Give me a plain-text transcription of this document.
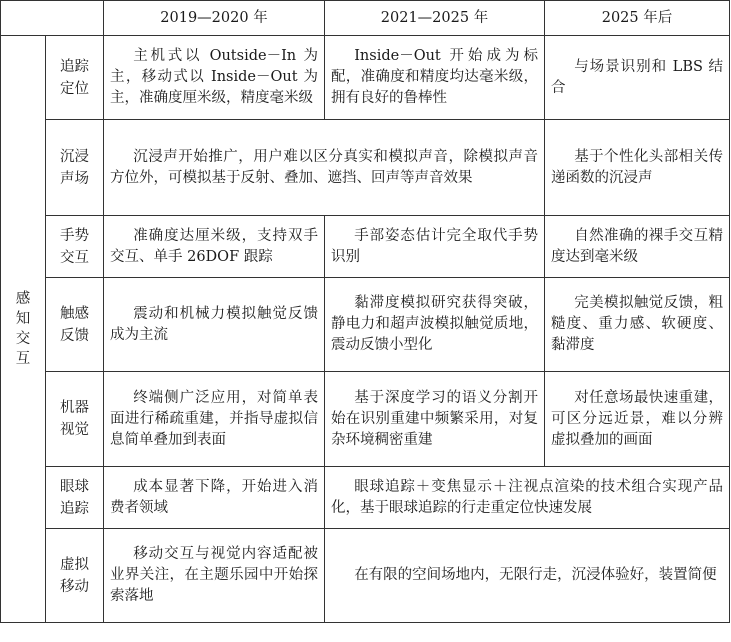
		2019—2020 年	2021—2025 年	2025 年后
感知交互	追踪定位	主机式以 Outside－In 为主，移动式以 Inside－Out 为主，准确度厘米级，精度毫米级	Inside－Out 开始成为标配，准确度和精度均达毫米级，拥有良好的鲁棒性	与场景识别和 LBS 结合
	沉浸声场	沉浸声开始推广，用户难以区分真实和模拟声音，除模拟声音方位外，可模拟基于反射、叠加、遮挡、回声等声音效果		基于个性化头部相关传递函数的沉浸声
	手势交互	准确度达厘米级，支持双手交互、单手 26DOF 跟踪	手部姿态估计完全取代手势识别	自然准确的裸手交互精度达到毫米级
	触感反馈	震动和机械力模拟触觉反馈成为主流	黏滞度模拟研究获得突破，静电力和超声波模拟触觉质地，震动反馈小型化	完美模拟触觉反馈，粗糙度、重力感、软硬度、黏滞度
	机器视觉	终端侧广泛应用，对简单表面进行稀疏重建，并指导虚拟信息简单叠加到表面	基于深度学习的语义分割开始在识别重建中频繁采用，对复杂环境稠密重建	对任意场最快速重建，可区分远近景，难以分辨虚拟叠加的画面
	眼球追踪	成本显著下降，开始进入消费者领域	眼球追踪＋变焦显示＋注视点渲染的技术组合实现产品化，基于眼球追踪的行走重定位快速发展	
	虚拟移动	移动交互与视觉内容适配被业界关注，在主题乐园中开始探索落地	在有限的空间场地内，无限行走，沉浸体验好，装置简便	
